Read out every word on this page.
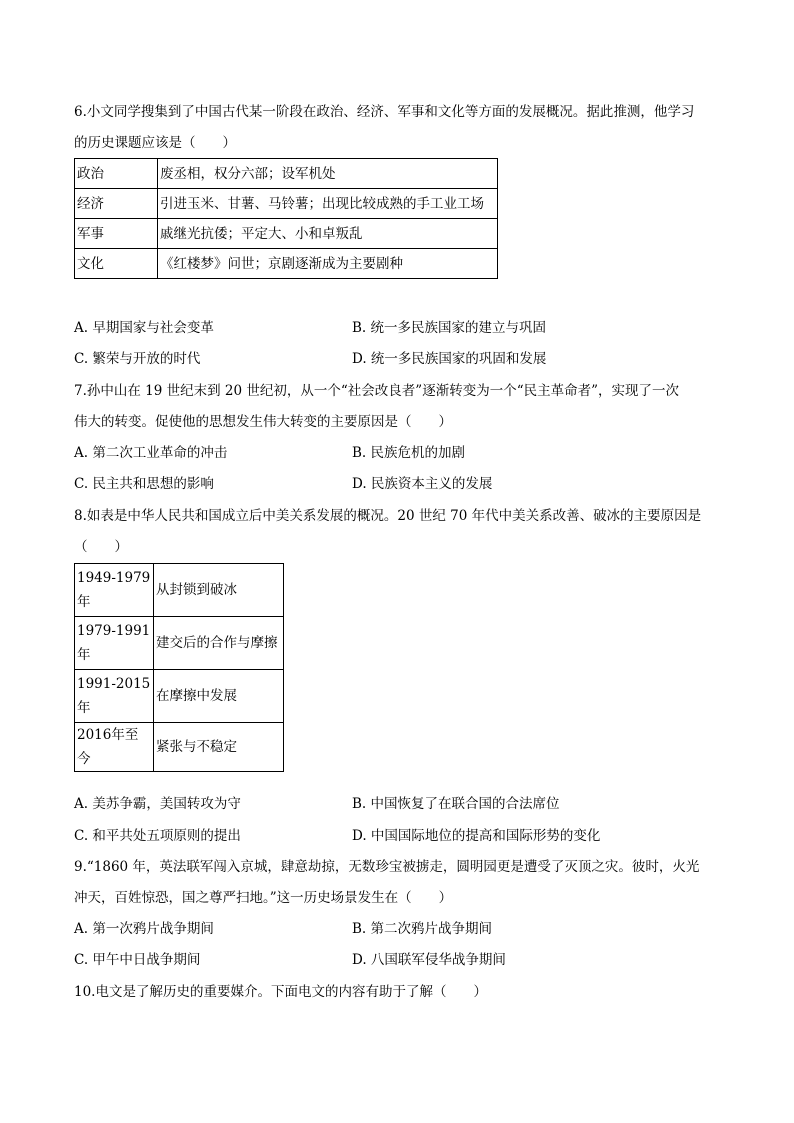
6.小文同学搜集到了中国古代某一阶段在政治、经济、军事和文化等方面的发展概况。据此推测，他学习
的历史课题应该是（　　）
政治	废丞相，权分六部；设军机处
经济	引进玉米、甘薯、马铃薯；出现比较成熟的手工业工场
军事	戚继光抗倭；平定大、小和卓叛乱
文化	《红楼梦》问世；京剧逐渐成为主要剧种
A. 早期国家与社会变革	B. 统一多民族国家的建立与巩固
C. 繁荣与开放的时代	D. 统一多民族国家的巩固和发展
7.孙中山在 19 世纪末到 20 世纪初，从一个“社会改良者”逐渐转变为一个“民主革命者”，实现了一次
伟大的转变。促使他的思想发生伟大转变的主要原因是（　　）
A. 第二次工业革命的冲击	B. 民族危机的加剧
C. 民主共和思想的影响	D. 民族资本主义的发展
8.如表是中华人民共和国成立后中美关系发展的概况。20 世纪 70 年代中美关系改善、破冰的主要原因是
（　　）
1949-1979
年	从封锁到破冰
1979-1991
年	建交后的合作与摩擦
1991-2015
年	在摩擦中发展
2016年至今	紧张与不稳定
A. 美苏争霸，美国转攻为守	B. 中国恢复了在联合国的合法席位
C. 和平共处五项原则的提出	D. 中国国际地位的提高和国际形势的变化
9.“1860 年，英法联军闯入京城，肆意劫掠，无数珍宝被掳走，圆明园更是遭受了灭顶之灾。彼时，火光
冲天，百姓惊恐，国之尊严扫地。”这一历史场景发生在（　　）
A. 第一次鸦片战争期间	B. 第二次鸦片战争期间
C. 甲午中日战争期间	D. 八国联军侵华战争期间
10.电文是了解历史的重要媒介。下面电文的内容有助于了解（　　）
